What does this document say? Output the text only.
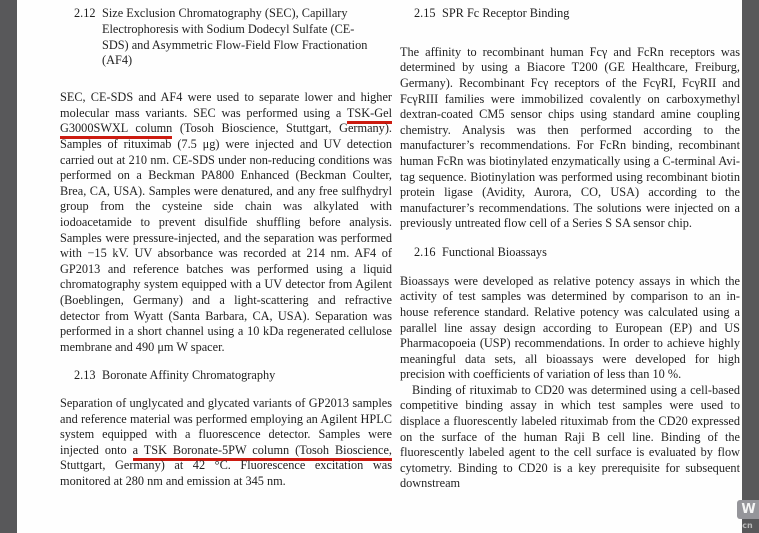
2.12 Size Exclusion Chromatography (SEC), Capillary Electrophoresis with Sodium Dodecyl Sulfate (CE-SDS) and Asymmetric Flow-Field Flow Fractionation (AF4)

SEC, CE-SDS and AF4 were used to separate lower and higher molecular mass variants. SEC was performed using a TSK-Gel G3000SWXL column (Tosoh Bioscience, Stuttgart, Germany). Samples of rituximab (7.5 μg) were injected and UV detection carried out at 210 nm. CE-SDS under non-reducing conditions was performed on a Beckman PA800 Enhanced (Beckman Coulter, Brea, CA, USA). Samples were denatured, and any free sulfhydryl group from the cysteine side chain was alkylated with iodoacetamide to prevent disulfide shuffling before analysis. Samples were pressure-injected, and the separation was performed with −15 kV. UV absorbance was recorded at 214 nm. AF4 of GP2013 and reference batches was performed using a liquid chromatography system equipped with a UV detector from Agilent (Boeblingen, Germany) and a light-scattering and refractive detector from Wyatt (Santa Barbara, CA, USA). Separation was performed in a short channel using a 10 kDa regenerated cellulose membrane and 490 μm W spacer.

2.13 Boronate Affinity Chromatography

Separation of unglycated and glycated variants of GP2013 samples and reference material was performed employing an Agilent HPLC system equipped with a fluorescence detector. Samples were injected onto a TSK Boronate-5PW column (Tosoh Bioscience, Stuttgart, Germany) at 42 °C. Fluorescence excitation was monitored at 280 nm and emission at 345 nm.

2.15 SPR Fc Receptor Binding

The affinity to recombinant human Fcγ and FcRn receptors was determined by using a Biacore T200 (GE Healthcare, Freiburg, Germany). Recombinant Fcγ receptors of the FcγRI, FcγRII and FcγRIII families were immobilized covalently on carboxymethyl dextran-coated CM5 sensor chips using standard amine coupling chemistry. Analysis was then performed according to the manufacturer’s recommendations. For FcRn binding, recombinant human FcRn was biotinylated enzymatically using a C-terminal Avi-tag sequence. Biotinylation was performed using recombinant biotin protein ligase (Avidity, Aurora, CO, USA) according to the manufacturer’s recommendations. The solutions were injected on a previously untreated flow cell of a Series S SA sensor chip.

2.16 Functional Bioassays

Bioassays were developed as relative potency assays in which the activity of test samples was determined by comparison to an in-house reference standard. Relative potency was calculated using a parallel line assay design according to European (EP) and US Pharmacopoeia (USP) recommendations. In order to achieve highly meaningful data sets, all bioassays were developed for high precision with coefficients of variation of less than 10 %.

Binding of rituximab to CD20 was determined using a cell-based competitive binding assay in which test samples were used to displace a fluorescently labeled rituximab from the CD20 expressed on the surface of the human Raji B cell line. Binding of the fluorescently labeled agent to the cell surface is evaluated by flow cytometry. Binding to CD20 is a key prerequisite for subsequent downstream

W
cn
